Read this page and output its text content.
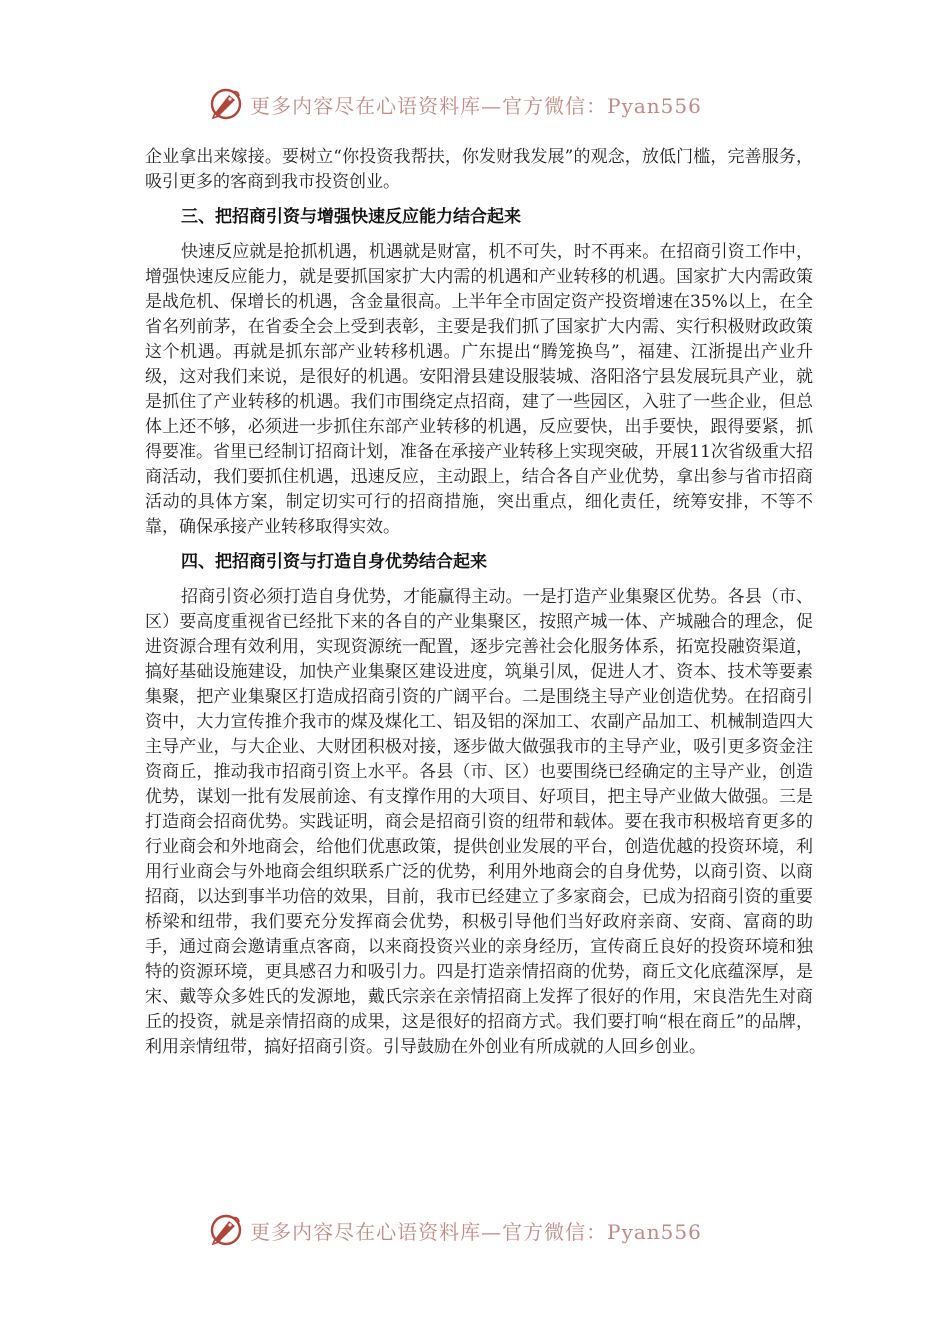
更多内容尽在心语资料库—官方微信：Pyan556

企业拿出来嫁接。要树立“你投资我帮扶，你发财我发展”的观念，放低门槛，完善服务，吸引更多的客商到我市投资创业。

三、把招商引资与增强快速反应能力结合起来

快速反应就是抢抓机遇，机遇就是财富，机不可失，时不再来。在招商引资工作中，增强快速反应能力，就是要抓国家扩大内需的机遇和产业转移的机遇。国家扩大内需政策是战危机、保增长的机遇，含金量很高。上半年全市固定资产投资增速在35%以上，在全省名列前茅，在省委全会上受到表彰，主要是我们抓了国家扩大内需、实行积极财政政策这个机遇。再就是抓东部产业转移机遇。广东提出“腾笼换鸟”，福建、江浙提出产业升级，这对我们来说，是很好的机遇。安阳滑县建设服装城、洛阳洛宁县发展玩具产业，就是抓住了产业转移的机遇。我们市围绕定点招商，建了一些园区，入驻了一些企业，但总体上还不够，必须进一步抓住东部产业转移的机遇，反应要快，出手要快，跟得要紧，抓得要准。省里已经制订招商计划，准备在承接产业转移上实现突破，开展11次省级重大招商活动，我们要抓住机遇，迅速反应，主动跟上，结合各自产业优势，拿出参与省市招商活动的具体方案，制定切实可行的招商措施，突出重点，细化责任，统筹安排，不等不靠，确保承接产业转移取得实效。

四、把招商引资与打造自身优势结合起来

招商引资必须打造自身优势，才能赢得主动。一是打造产业集聚区优势。各县（市、区）要高度重视省已经批下来的各自的产业集聚区，按照产城一体、产城融合的理念，促进资源合理有效利用，实现资源统一配置，逐步完善社会化服务体系，拓宽投融资渠道，搞好基础设施建设，加快产业集聚区建设进度，筑巢引凤，促进人才、资本、技术等要素集聚，把产业集聚区打造成招商引资的广阔平台。二是围绕主导产业创造优势。在招商引资中，大力宣传推介我市的煤及煤化工、铝及铝的深加工、农副产品加工、机械制造四大主导产业，与大企业、大财团积极对接，逐步做大做强我市的主导产业，吸引更多资金注资商丘，推动我市招商引资上水平。各县（市、区）也要围绕已经确定的主导产业，创造优势，谋划一批有发展前途、有支撑作用的大项目、好项目，把主导产业做大做强。三是打造商会招商优势。实践证明，商会是招商引资的纽带和载体。要在我市积极培育更多的行业商会和外地商会，给他们优惠政策，提供创业发展的平台，创造优越的投资环境，利用行业商会与外地商会组织联系广泛的优势，利用外地商会的自身优势，以商引资、以商招商，以达到事半功倍的效果，目前，我市已经建立了多家商会，已成为招商引资的重要桥梁和纽带，我们要充分发挥商会优势，积极引导他们当好政府亲商、安商、富商的助手，通过商会邀请重点客商，以来商投资兴业的亲身经历，宣传商丘良好的投资环境和独特的资源环境，更具感召力和吸引力。四是打造亲情招商的优势，商丘文化底蕴深厚，是宋、戴等众多姓氏的发源地，戴氏宗亲在亲情招商上发挥了很好的作用，宋良浩先生对商丘的投资，就是亲情招商的成果，这是很好的招商方式。我们要打响“根在商丘”的品牌，利用亲情纽带，搞好招商引资。引导鼓励在外创业有所成就的人回乡创业。

更多内容尽在心语资料库—官方微信：Pyan556
